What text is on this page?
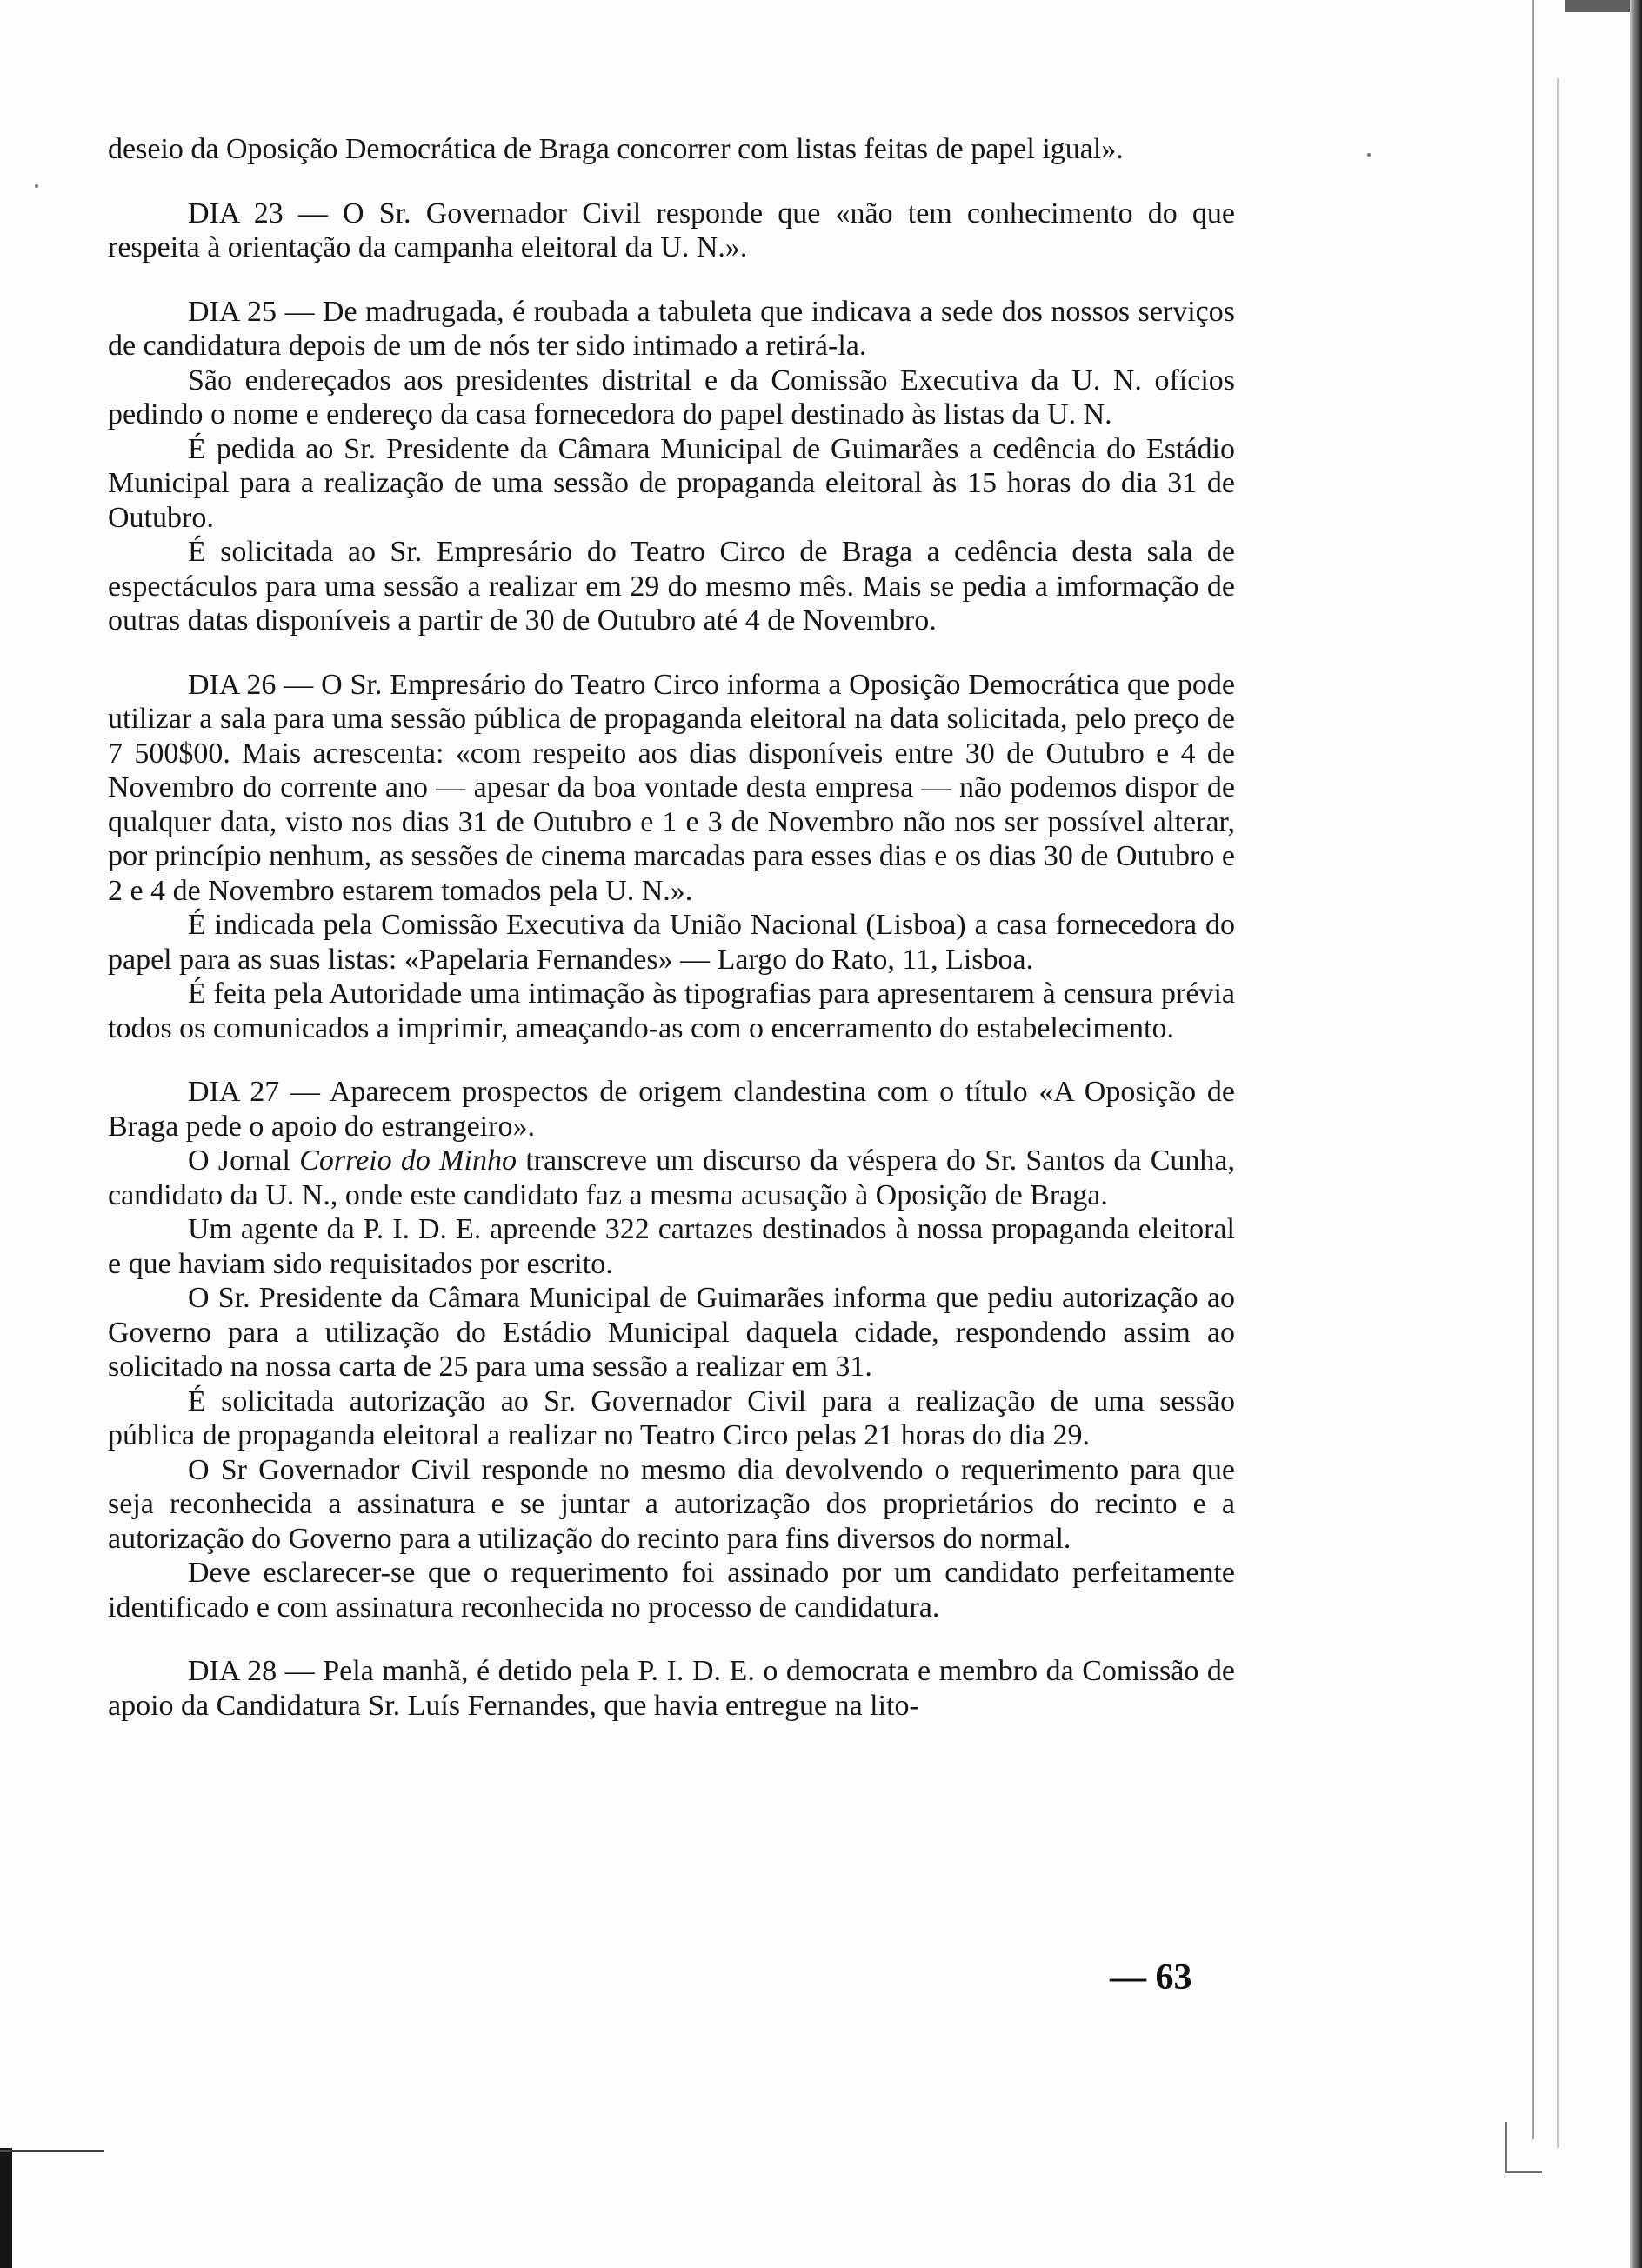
deseio da Oposição Democrática de Braga concorrer com listas feitas de papel igual».

DIA 23 — O Sr. Governador Civil responde que «não tem conhecimento do que respeita à orientação da campanha eleitoral da U. N.».

DIA 25 — De madrugada, é roubada a tabuleta que indicava a sede dos nossos serviços de candidatura depois de um de nós ter sido intimado a retirá-la.

São endereçados aos presidentes distrital e da Comissão Executiva da U. N. ofícios pedindo o nome e endereço da casa fornecedora do papel destinado às listas da U. N.

É pedida ao Sr. Presidente da Câmara Municipal de Guimarães a cedência do Estádio Municipal para a realização de uma sessão de propaganda eleitoral às 15 horas do dia 31 de Outubro.

É solicitada ao Sr. Empresário do Teatro Circo de Braga a cedência desta sala de espectáculos para uma sessão a realizar em 29 do mesmo mês. Mais se pedia a imformação de outras datas disponíveis a partir de 30 de Outubro até 4 de Novembro.

DIA 26 — O Sr. Empresário do Teatro Circo informa a Oposição Democrática que pode utilizar a sala para uma sessão pública de propaganda eleitoral na data solicitada, pelo preço de 7 500$00. Mais acrescenta: «com respeito aos dias disponíveis entre 30 de Outubro e 4 de Novembro do corrente ano — apesar da boa vontade desta empresa — não podemos dispor de qualquer data, visto nos dias 31 de Outubro e 1 e 3 de Novembro não nos ser possível alterar, por princípio nenhum, as sessões de cinema marcadas para esses dias e os dias 30 de Outubro e 2 e 4 de Novembro estarem tomados pela U. N.».

É indicada pela Comissão Executiva da União Nacional (Lisboa) a casa fornecedora do papel para as suas listas: «Papelaria Fernandes» — Largo do Rato, 11, Lisboa.

É feita pela Autoridade uma intimação às tipografias para apresentarem à censura prévia todos os comunicados a imprimir, ameaçando-as com o encerramento do estabelecimento.

DIA 27 — Aparecem prospectos de origem clandestina com o título «A Oposição de Braga pede o apoio do estrangeiro».

O Jornal Correio do Minho transcreve um discurso da véspera do Sr. Santos da Cunha, candidato da U. N., onde este candidato faz a mesma acusação à Oposição de Braga.

Um agente da P. I. D. E. apreende 322 cartazes destinados à nossa propaganda eleitoral e que haviam sido requisitados por escrito.

O Sr. Presidente da Câmara Municipal de Guimarães informa que pediu autorização ao Governo para a utilização do Estádio Municipal daquela cidade, respondendo assim ao solicitado na nossa carta de 25 para uma sessão a realizar em 31.

É solicitada autorização ao Sr. Governador Civil para a realização de uma sessão pública de propaganda eleitoral a realizar no Teatro Circo pelas 21 horas do dia 29.

O Sr Governador Civil responde no mesmo dia devolvendo o requerimento para que seja reconhecida a assinatura e se juntar a autorização dos proprietários do recinto e a autorização do Governo para a utilização do recinto para fins diversos do normal.

Deve esclarecer-se que o requerimento foi assinado por um candidato perfeitamente identificado e com assinatura reconhecida no processo de candidatura.

DIA 28 — Pela manhã, é detido pela P. I. D. E. o democrata e membro da Comissão de apoio da Candidatura Sr. Luís Fernandes, que havia entregue na lito-

— 63
